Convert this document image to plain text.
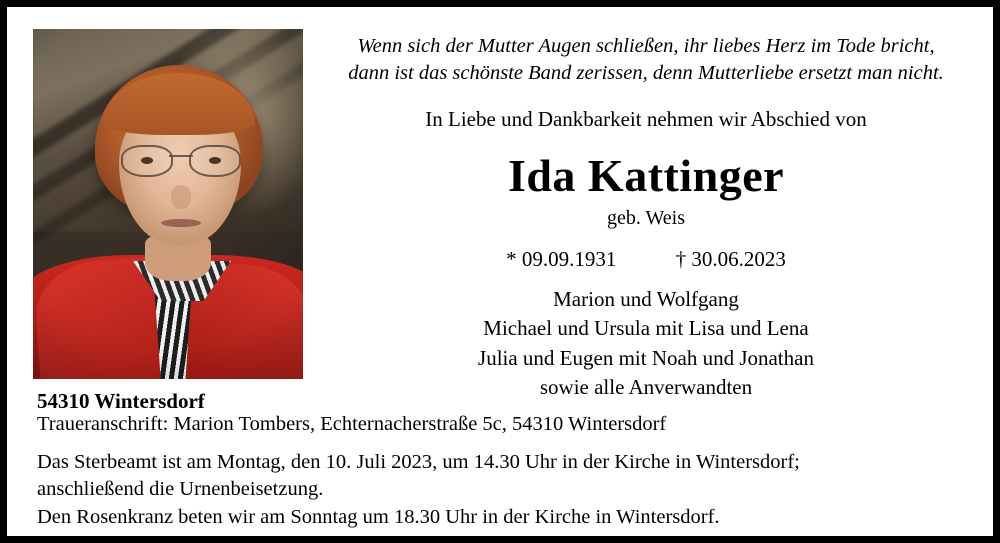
Wenn sich der Mutter Augen schließen, ihr liebes Herz im Tode bricht,
dann ist das schönste Band zerissen, denn Mutterliebe ersetzt man nicht.
In Liebe und Dankbarkeit nehmen wir Abschied von
Ida Kattinger
geb. Weis
* 09.09.1931	† 30.06.2023
Marion und Wolfgang
Michael und Ursula mit Lisa und Lena
Julia und Eugen mit Noah und Jonathan
sowie alle Anverwandten
54310 Wintersdorf
Traueranschrift: Marion Tombers, Echternacherstraße 5c, 54310 Wintersdorf
Das Sterbeamt ist am Montag, den 10. Juli 2023, um 14.30 Uhr in der Kirche in Wintersdorf;
anschließend die Urnenbeisetzung.
Den Rosenkranz beten wir am Sonntag um 18.30 Uhr in der Kirche in Wintersdorf.
